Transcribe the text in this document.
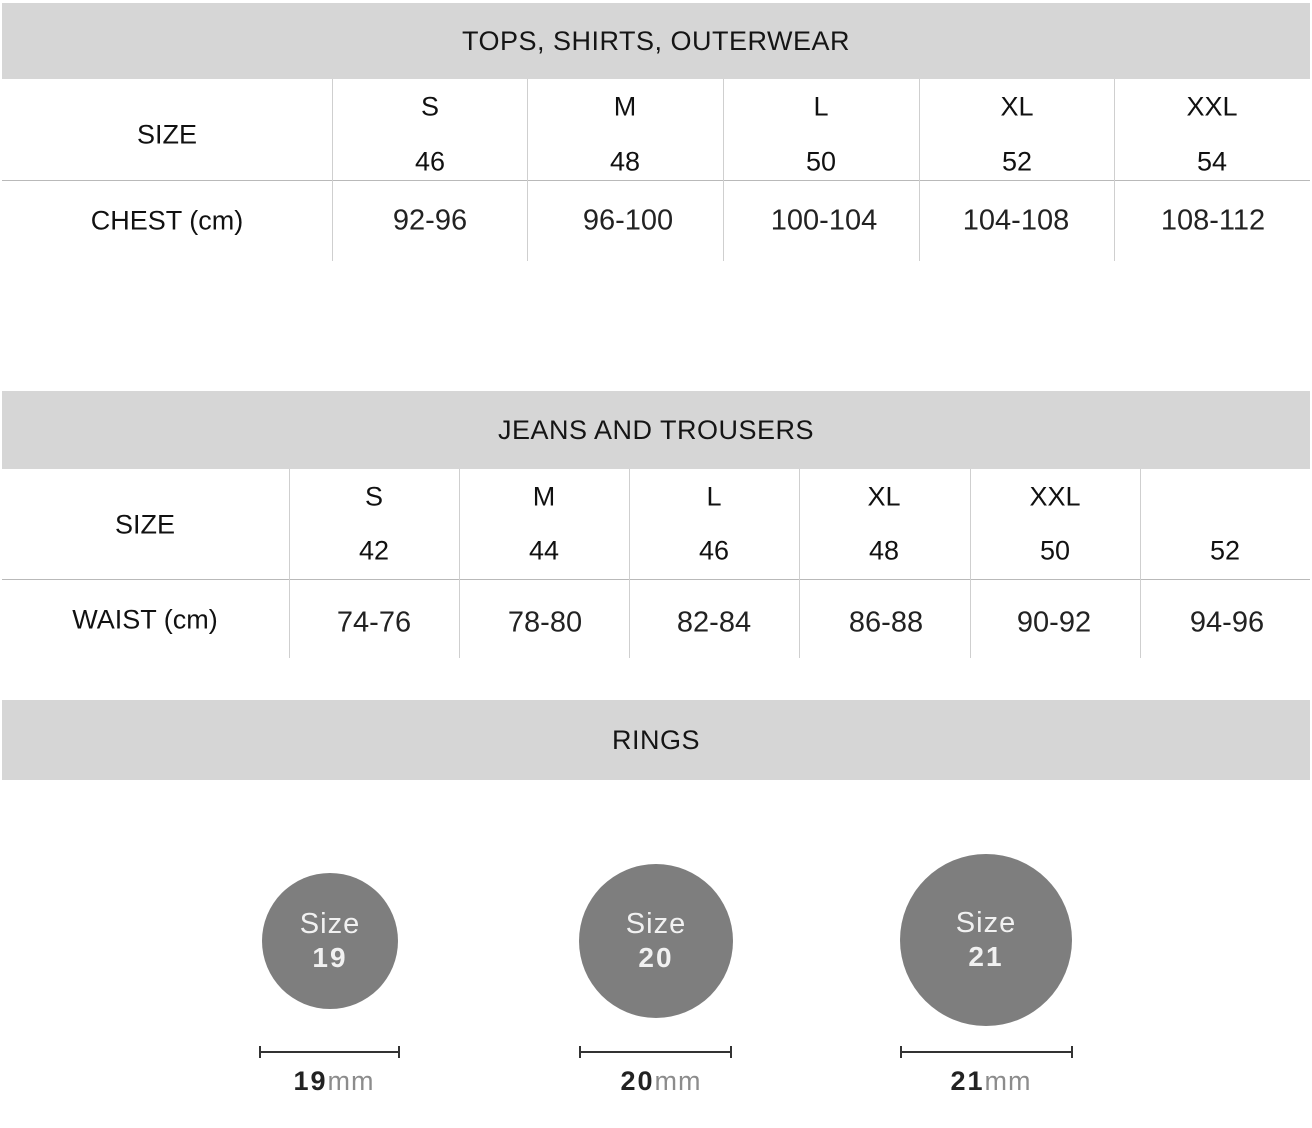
TOPS, SHIRTS, OUTERWEAR
SIZE
CHEST (cm)
S
46
92-96
M
48
96-100
L
50
100-104
XL
52
104-108
XXL
54
108-112
JEANS AND TROUSERS
SIZE
WAIST (cm)
S
42
74-76
M
44
78-80
L
46
82-84
XL
48
86-88
XXL
50
90-92
52
94-96
RINGS
Size
19
19mm
Size
20
20mm
Size
21
21mm
